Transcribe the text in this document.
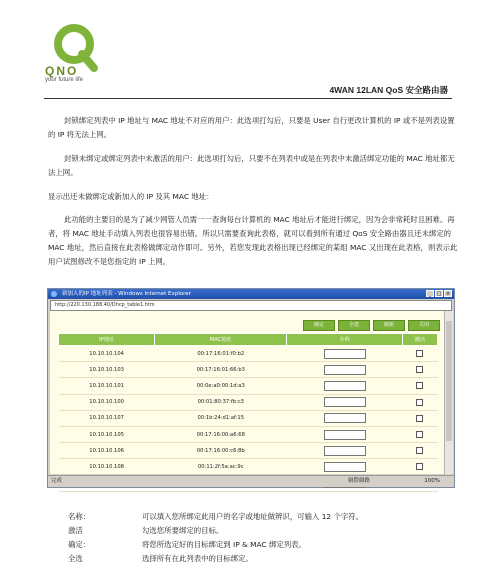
QNO
your future life
4WAN 12LAN QoS 安全路由器
封锁绑定列表中 IP 地址与 MAC 地址不对应的用户：此选项打勾后，只要是 User 自行更改计算机的 IP 或不是列表设置的 IP 将无法上网。
封锁未绑定或绑定列表中未激活的用户：此选项打勾后，只要不在列表中或是在列表中未激活绑定功能的 MAC 地址都无法上网。
显示出还未做绑定或新加入的 IP 及其 MAC 地址：
此功能的主要目的是为了减少网管人员需一一查询每台计算机的 MAC 地址后才能进行绑定，因为会非常耗时且困难。再者，将 MAC 地址手动填入列表也很容易出错。所以只需要查询此表格，就可以看到所有通过 QoS 安全路由器且还未绑定的 MAC 地址，然后直接在此表格做绑定动作即可。另外，若您发现此表格出现已经绑定的某组 MAC 又出现在此表格，则表示此用户试图修改不是您指定的 IP 上网。
新加入的IP 地址列表 - Windows Internet Explorer	_	□ ×
http://220.130.188.40/Dhcp_table1.htm
确定	全选	刷新	关闭
IP地址	MAC地址	名称	激活
10.10.10.104	00:17:16:01:f0:b2		
10.10.10.103	00:17:16:01:66:b3		
10.10.10.101	00:0e:a0:00:1d:a3		
10.10.10.100	00:01:80:37:fb:c3		
10.10.10.107	00:1b:24:d1:af:15		
10.10.10.105	00:17:16:00:a6:68		
10.10.10.106	00:17:16:00:c6:8b		
10.10.10.108	00:11:2f:5a:ac:9c		

完成	網際網路	100%
名称：	可以填入您所绑定此用户的名字或地址做辨识，可输入 12 个字符。
激活	勾选您所要绑定的目标。
确定：	将您所选定好的目标绑定到 IP & MAC 绑定列表。
全选	选择所有在此列表中的目标绑定。
